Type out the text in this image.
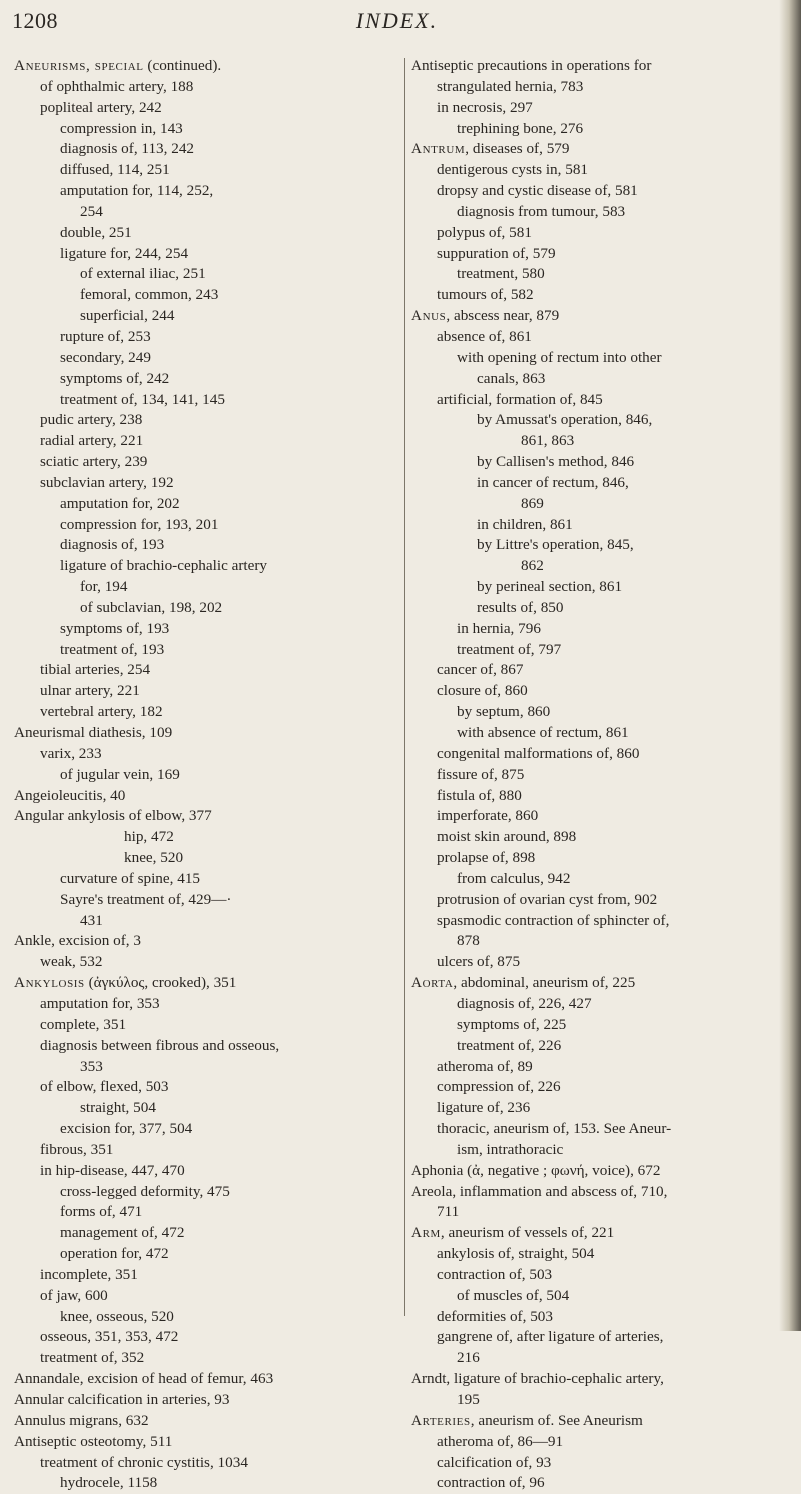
1208	INDEX.
Aneurisms, special (continued).
of ophthalmic artery, 188
popliteal artery, 242
compression in, 143
diagnosis of, 113, 242
diffused, 114, 251
amputation for, 114, 252,
254
double, 251
ligature for, 244, 254
of external iliac, 251
femoral, common, 243
superficial, 244
rupture of, 253
secondary, 249
symptoms of, 242
treatment of, 134, 141, 145
pudic artery, 238
radial artery, 221
sciatic artery, 239
subclavian artery, 192
amputation for, 202
compression for, 193, 201
diagnosis of, 193
ligature of brachio-cephalic artery
for, 194
of subclavian, 198, 202
symptoms of, 193
treatment of, 193
tibial arteries, 254
ulnar artery, 221
vertebral artery, 182
Aneurismal diathesis, 109
varix, 233
of jugular vein, 169
Angeioleucitis, 40
Angular ankylosis of elbow, 377
hip, 472
knee, 520
curvature of spine, 415
Sayre's treatment of, 429—·
431
Ankle, excision of, 3
weak, 532
Ankylosis (ἀγκύλος, crooked), 351
amputation for, 353
complete, 351
diagnosis between fibrous and osseous,
353
of elbow, flexed, 503
straight, 504
excision for, 377, 504
fibrous, 351
in hip-disease, 447, 470
cross-legged deformity, 475
forms of, 471
management of, 472
operation for, 472
incomplete, 351
of jaw, 600
knee, osseous, 520
osseous, 351, 353, 472
treatment of, 352
Annandale, excision of head of femur, 463
Annular calcification in arteries, 93
Annulus migrans, 632
Antiseptic osteotomy, 511
treatment of chronic cystitis, 1034
hydrocele, 1158
Antiseptic precautions in operations for
strangulated hernia, 783
in necrosis, 297
trephining bone, 276
Antrum, diseases of, 579
dentigerous cysts in, 581
dropsy and cystic disease of, 581
diagnosis from tumour, 583
polypus of, 581
suppuration of, 579
treatment, 580
tumours of, 582
Anus, abscess near, 879
absence of, 861
with opening of rectum into other
canals, 863
artificial, formation of, 845
by Amussat's operation, 846,
861, 863
by Callisen's method, 846
in cancer of rectum, 846,
869
in children, 861
by Littre's operation, 845,
862
by perineal section, 861
results of, 850
in hernia, 796
treatment of, 797
cancer of, 867
closure of, 860
by septum, 860
with absence of rectum, 861
congenital malformations of, 860
fissure of, 875
fistula of, 880
imperforate, 860
moist skin around, 898
prolapse of, 898
from calculus, 942
protrusion of ovarian cyst from, 902
spasmodic contraction of sphincter of,
878
ulcers of, 875
Aorta, abdominal, aneurism of, 225
diagnosis of, 226, 427
symptoms of, 225
treatment of, 226
atheroma of, 89
compression of, 226
ligature of, 236
thoracic, aneurism of, 153. See Aneur-
ism, intrathoracic
Aphonia (ἀ, negative ; φωνή, voice), 672
Areola, inflammation and abscess of, 710,
711
Arm, aneurism of vessels of, 221
ankylosis of, straight, 504
contraction of, 503
of muscles of, 504
deformities of, 503
gangrene of, after ligature of arteries,
216
Arndt, ligature of brachio-cephalic artery,
195
Arteries, aneurism of. See Aneurism
atheroma of, 86—91
calcification of, 93
contraction of, 96
